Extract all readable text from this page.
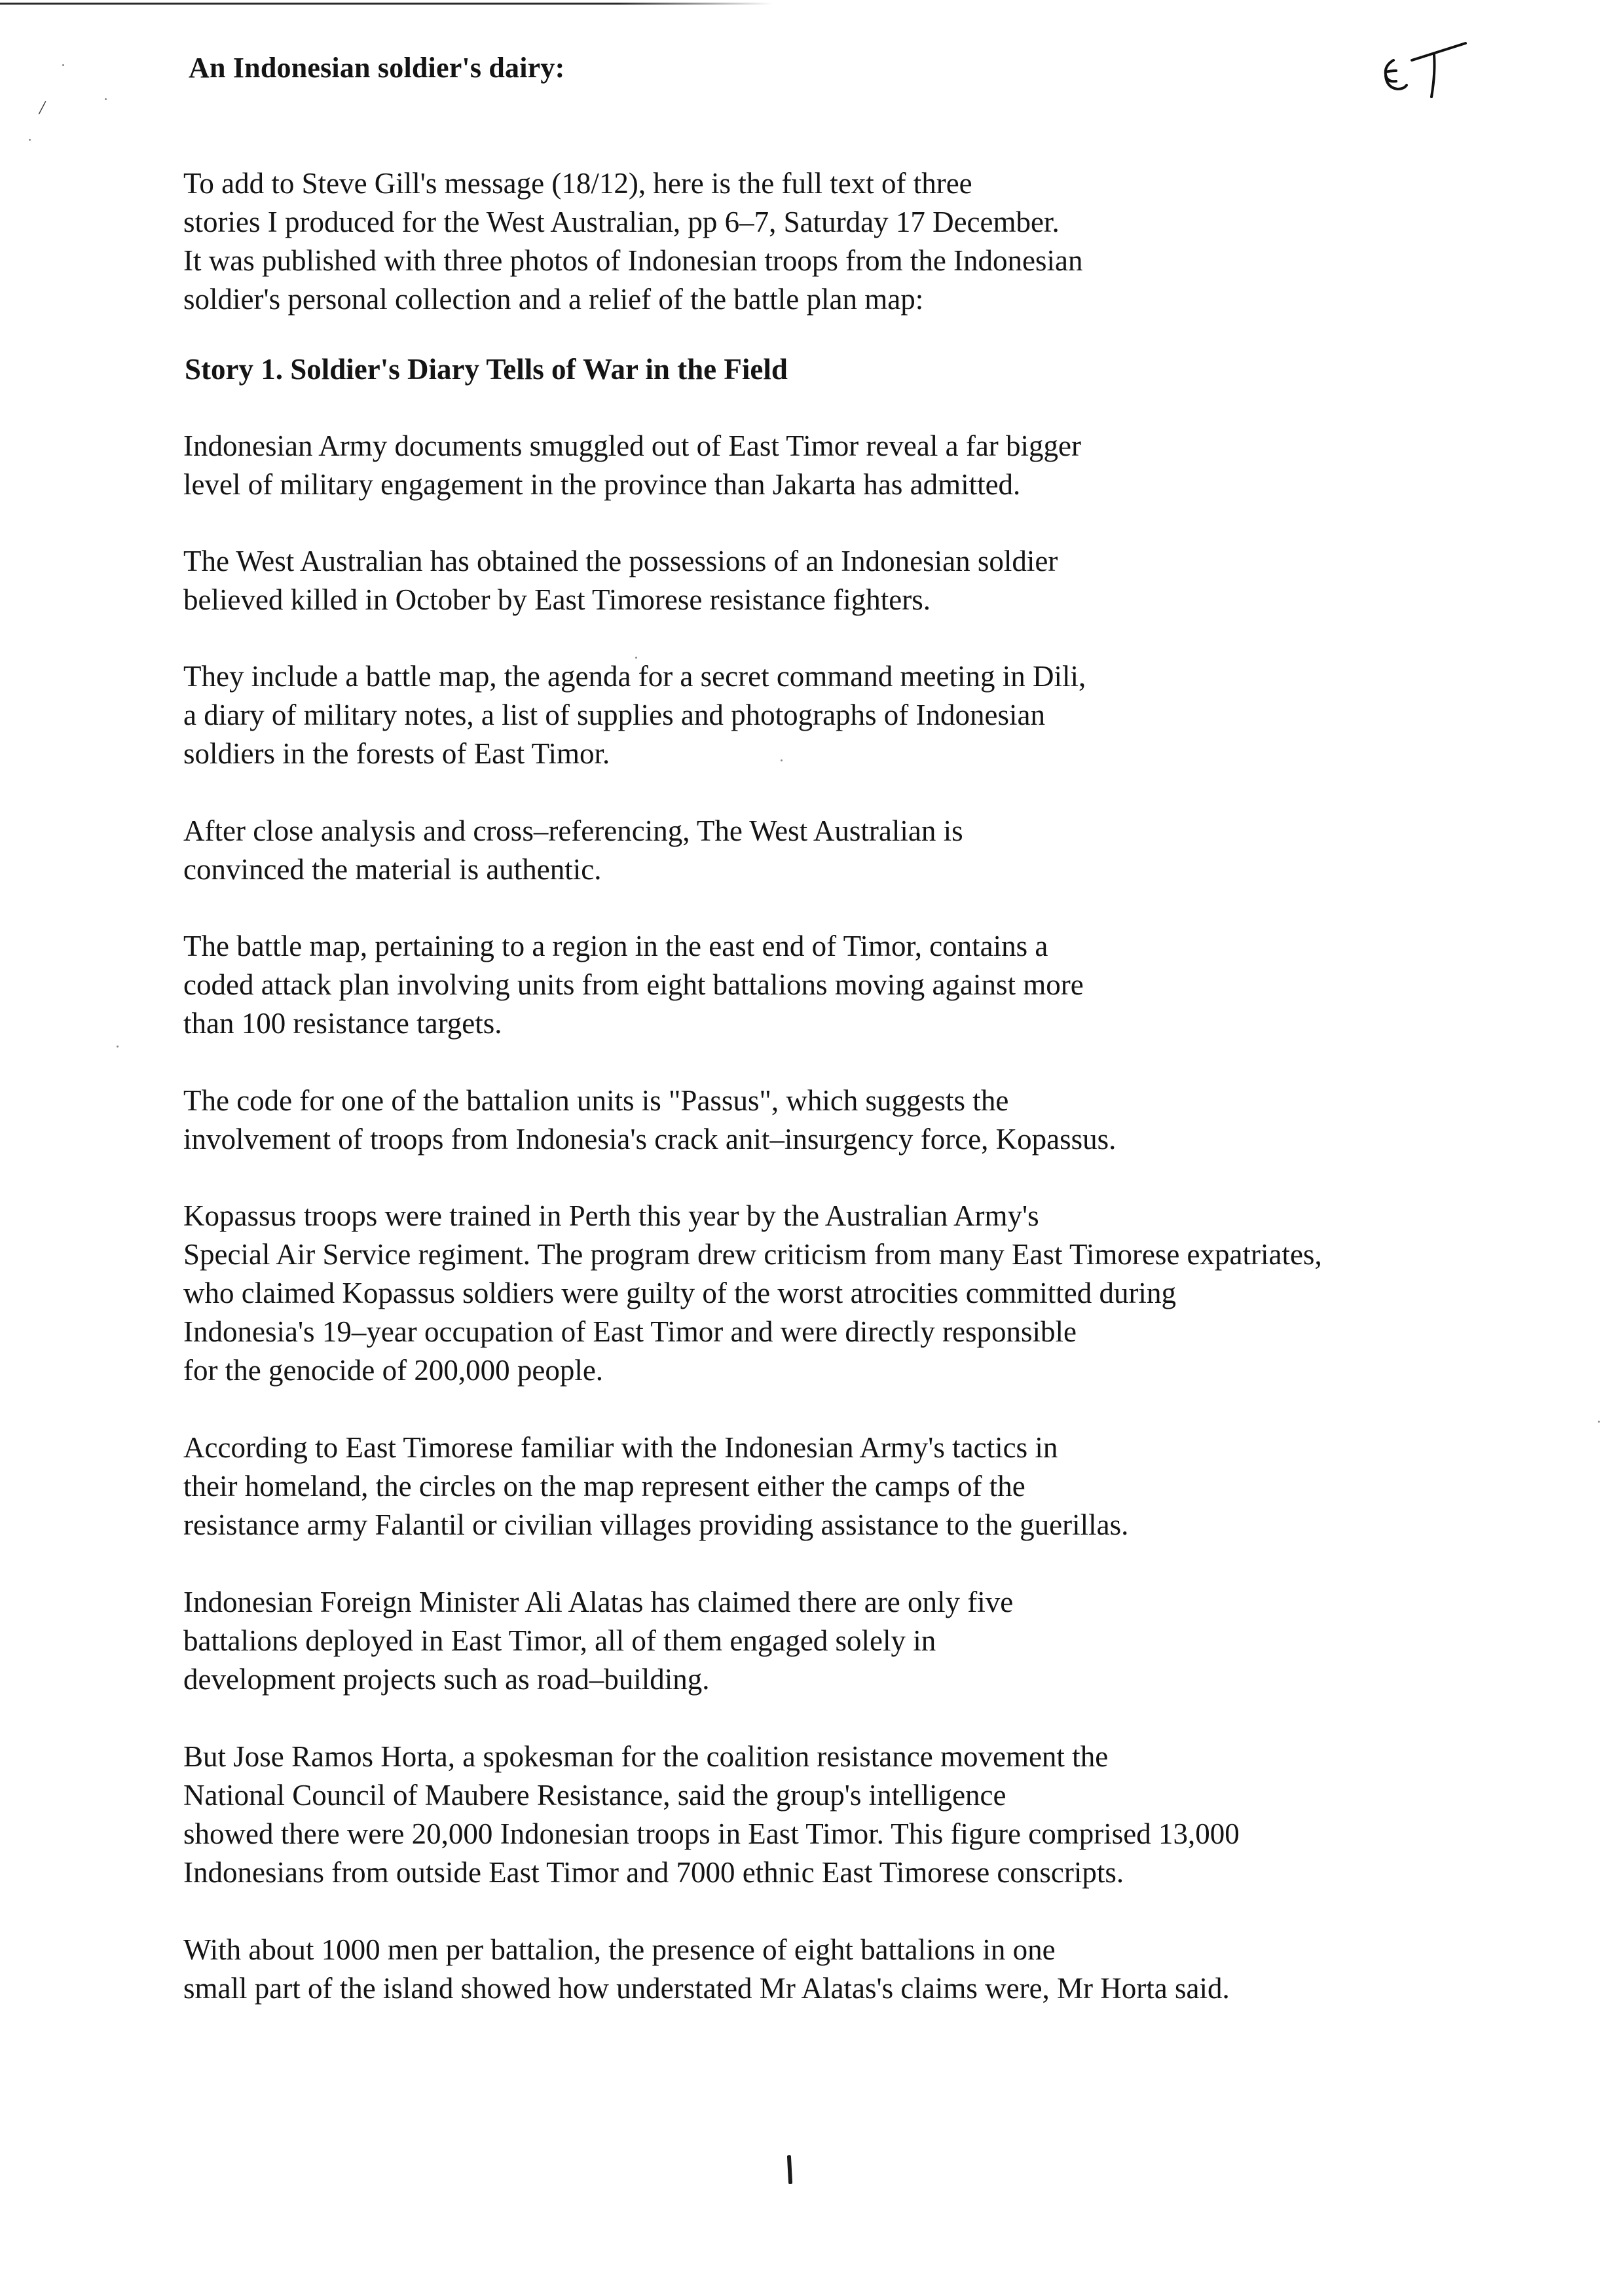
An Indonesian soldier's dairy:
/
To add to Steve Gill's message (18/12), here is the full text of three
stories I produced for the West Australian, pp 6–7, Saturday 17 December.
It was published with three photos of Indonesian troops from the Indonesian
soldier's personal collection and a relief of the battle plan map:
Story 1. Soldier's Diary Tells of War in the Field
Indonesian Army documents smuggled out of East Timor reveal a far bigger
level of military engagement in the province than Jakarta has admitted.
The West Australian has obtained the possessions of an Indonesian soldier
believed killed in October by East Timorese resistance fighters.
They include a battle map, the agenda for a secret command meeting in Dili,
a diary of military notes, a list of supplies and photographs of Indonesian
soldiers in the forests of East Timor.
After close analysis and cross–referencing, The West Australian is
convinced the material is authentic.
The battle map, pertaining to a region in the east end of Timor, contains a
coded attack plan involving units from eight battalions moving against more
than 100 resistance targets.
The code for one of the battalion units is "Passus", which suggests the
involvement of troops from Indonesia's crack anit–insurgency force, Kopassus.
Kopassus troops were trained in Perth this year by the Australian Army's
Special Air Service regiment. The program drew criticism from many East Timorese expatriates,
who claimed Kopassus soldiers were guilty of the worst atrocities committed during
Indonesia's 19–year occupation of East Timor and were directly responsible
for the genocide of 200,000 people.
According to East Timorese familiar with the Indonesian Army's tactics in
their homeland, the circles on the map represent either the camps of the
resistance army Falantil or civilian villages providing assistance to the guerillas.
Indonesian Foreign Minister Ali Alatas has claimed there are only five
battalions deployed in East Timor, all of them engaged solely in
development projects such as road–building.
But Jose Ramos Horta, a spokesman for the coalition resistance movement the
National Council of Maubere Resistance, said the group's intelligence
showed there were 20,000 Indonesian troops in East Timor. This figure comprised 13,000
Indonesians from outside East Timor and 7000 ethnic East Timorese conscripts.
With about 1000 men per battalion, the presence of eight battalions in one
small part of the island showed how understated Mr Alatas's claims were, Mr Horta said.
